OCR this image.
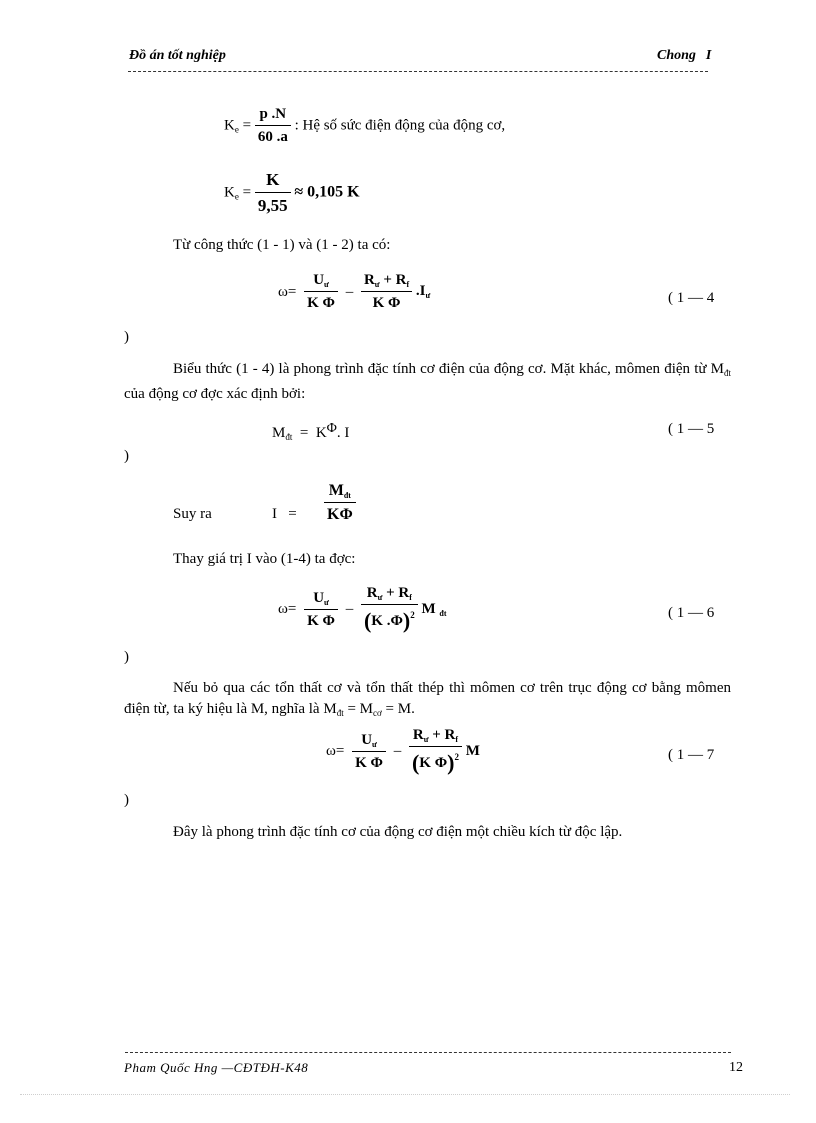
Đồ án tốt nghiệp	Chong I
$K_e = \frac{p .N}{60 .a}$ : Hệ số sức điện động của động cơ,
$K_e = \frac{K}{9,55} \approx 0,105$ K
Từ công thức (1 - 1) và (1 - 2) ta có:
$\omega= \frac{U_ư}{\text{K Φ}} - \frac{R_ư + R_f}{\text{K Φ}} .I_ư$	( 1 — 4
)
Biểu thức (1 - 4) là phong trình đặc tính cơ điện của động cơ. Mặt khác, mômen điện từ $M_{đt}$ của động cơ đợc xác định bởi:
$M_{đt} = K\Phi$. I	( 1 — 5
)
Suy ra	$I = \frac{\text{Mđt}}{K\Phi}$
Thay giá trị I vào (1-4) ta đợc:
$\omega= \frac{U_ư}{\text{K Φ}} - \frac{R_ư + R_f}{(K .\Phi)^2}$ M $_{đt}$	( 1 — 6
)
Nếu bỏ qua các tổn thất cơ và tổn thất thép thì mômen cơ trên trục động cơ bằng mômen điện từ, ta ký hiệu là M, nghĩa là $M_{đt} = M_{cơ} = M$.
$\omega= \frac{U_ư}{\text{K Φ}} - \frac{R_ư + R_f}{(K \Phi)^2}$ M	( 1 — 7
)
Đây là phong trình đặc tính cơ của động cơ điện một chiều kích từ độc lập.
Pham Quốc Hng —CĐTĐH-K48	12
